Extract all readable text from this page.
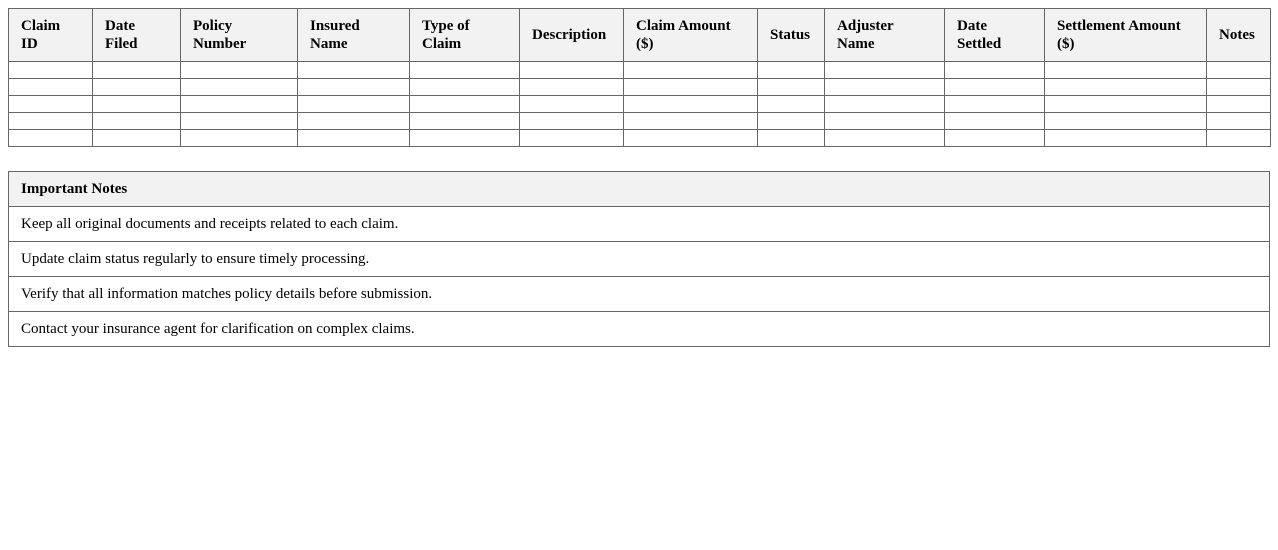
Claim ID	Date Filed	Policy Number	Insured Name	Type of Claim	Description	Claim Amount ($)	Status	Adjuster Name	Date Settled	Settlement Amount ($)	Notes

Important Notes
Keep all original documents and receipts related to each claim.
Update claim status regularly to ensure timely processing.
Verify that all information matches policy details before submission.
Contact your insurance agent for clarification on complex claims.
